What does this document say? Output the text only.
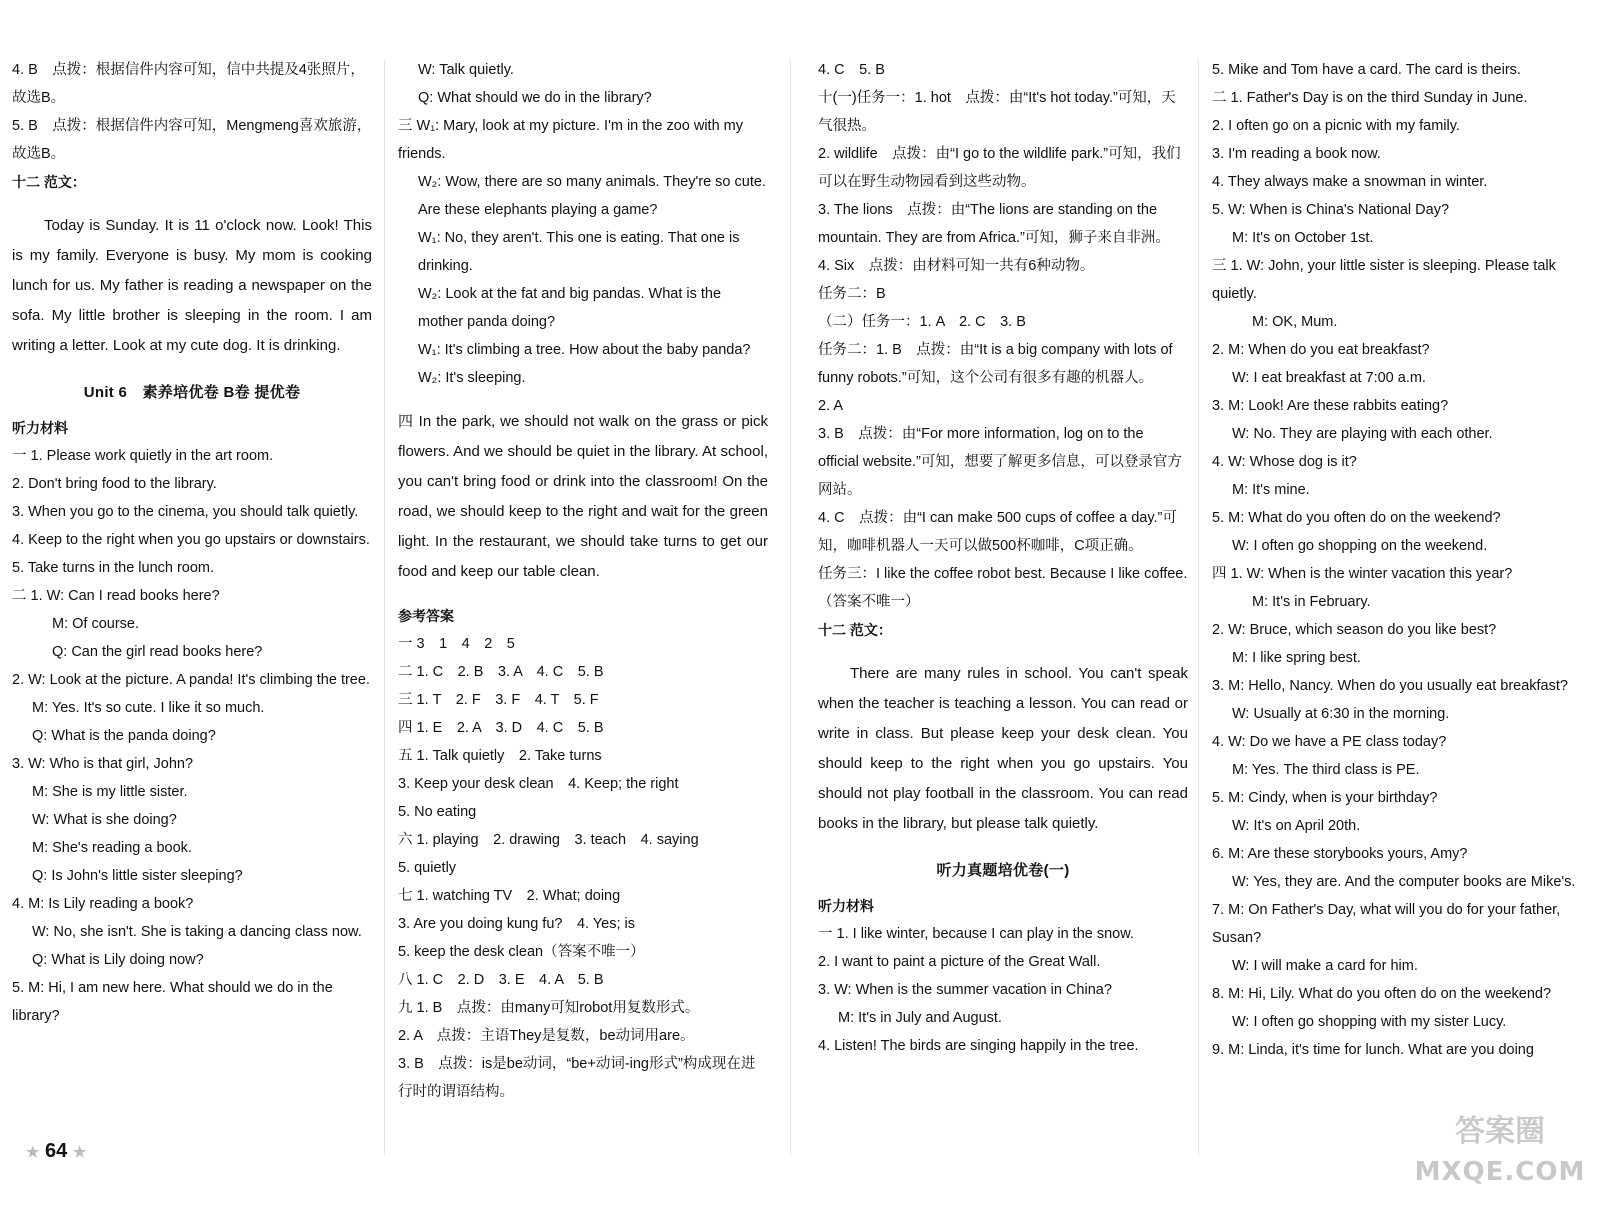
4. B　点拨：根据信件内容可知，信中共提及4张照片，故选B。

5. B　点拨：根据信件内容可知，Mengmeng喜欢旅游，故选B。

十二 范文：

Today is Sunday. It is 11 o'clock now. Look! This is my family. Everyone is busy. My mom is cooking lunch for us. My father is reading a newspaper on the sofa. My little brother is sleeping in the room. I am writing a letter. Look at my cute dog. It is drinking.

Unit 6　素养培优卷 B卷 提优卷

听力材料

一 1. Please work quietly in the art room.

2. Don't bring food to the library.

3. When you go to the cinema, you should talk quietly.

4. Keep to the right when you go upstairs or downstairs.

5. Take turns in the lunch room.

二 1. W: Can I read books here?

M: Of course.

Q: Can the girl read books here?

2. W: Look at the picture. A panda! It's climbing the tree.

M: Yes. It's so cute. I like it so much.

Q: What is the panda doing?

3. W: Who is that girl, John?

M: She is my little sister.

W: What is she doing?

M: She's reading a book.

Q: Is John's little sister sleeping?

4. M: Is Lily reading a book?

W: No, she isn't. She is taking a dancing class now.

Q: What is Lily doing now?

5. M: Hi, I am new here. What should we do in the library?

W: Talk quietly.

Q: What should we do in the library?

三 W₁: Mary, look at my picture. I'm in the zoo with my friends.

W₂: Wow, there are so many animals. They're so cute. Are these elephants playing a game?

W₁: No, they aren't. This one is eating. That one is drinking.

W₂: Look at the fat and big pandas. What is the mother panda doing?

W₁: It's climbing a tree. How about the baby panda?

W₂: It's sleeping.

四 In the park, we should not walk on the grass or pick flowers. And we should be quiet in the library. At school, you can't bring food or drink into the classroom! On the road, we should keep to the right and wait for the green light. In the restaurant, we should take turns to get our food and keep our table clean.

参考答案

一 3　1　4　2　5

二 1. C　2. B　3. A　4. C　5. B

三 1. T　2. F　3. F　4. T　5. F

四 1. E　2. A　3. D　4. C　5. B

五 1. Talk quietly　2. Take turns

3. Keep your desk clean　4. Keep; the right

5. No eating

六 1. playing　2. drawing　3. teach　4. saying

5. quietly

七 1. watching TV　2. What; doing

3. Are you doing kung fu?　4. Yes; is

5. keep the desk clean（答案不唯一）

八 1. C　2. D　3. E　4. A　5. B

九 1. B　点拨：由many可知robot用复数形式。

2. A　点拨：主语They是复数，be动词用are。

3. B　点拨：is是be动词，“be+动词-ing形式”构成现在进行时的谓语结构。

4. C　5. B

十(一)任务一：1. hot　点拨：由“It's hot today.”可知，天气很热。

2. wildlife　点拨：由“I go to the wildlife park.”可知，我们可以在野生动物园看到这些动物。

3. The lions　点拨：由“The lions are standing on the mountain. They are from Africa.”可知，狮子来自非洲。

4. Six　点拨：由材料可知一共有6种动物。

任务二：B

（二）任务一：1. A　2. C　3. B

任务二：1. B　点拨：由“It is a big company with lots of funny robots.”可知，这个公司有很多有趣的机器人。

2. A

3. B　点拨：由“For more information, log on to the official website.”可知，想要了解更多信息，可以登录官方网站。

4. C　点拨：由“I can make 500 cups of coffee a day.”可知，咖啡机器人一天可以做500杯咖啡，C项正确。

任务三：I like the coffee robot best. Because I like coffee.（答案不唯一）

十二 范文：

There are many rules in school. You can't speak when the teacher is teaching a lesson. You can read or write in class. But please keep your desk clean. You should keep to the right when you go upstairs. You should not play football in the classroom. You can read books in the library, but please talk quietly.

听力真题培优卷(一)

听力材料

一 1. I like winter, because I can play in the snow.

2. I want to paint a picture of the Great Wall.

3. W: When is the summer vacation in China?

M: It's in July and August.

4. Listen! The birds are singing happily in the tree.

5. Mike and Tom have a card. The card is theirs.

二 1. Father's Day is on the third Sunday in June.

2. I often go on a picnic with my family.

3. I'm reading a book now.

4. They always make a snowman in winter.

5. W: When is China's National Day?

M: It's on October 1st.

三 1. W: John, your little sister is sleeping. Please talk quietly.

M: OK, Mum.

2. M: When do you eat breakfast?

W: I eat breakfast at 7:00 a.m.

3. M: Look! Are these rabbits eating?

W: No. They are playing with each other.

4. W: Whose dog is it?

M: It's mine.

5. M: What do you often do on the weekend?

W: I often go shopping on the weekend.

四 1. W: When is the winter vacation this year?

M: It's in February.

2. W: Bruce, which season do you like best?

M: I like spring best.

3. M: Hello, Nancy. When do you usually eat breakfast?

W: Usually at 6:30 in the morning.

4. W: Do we have a PE class today?

M: Yes. The third class is PE.

5. M: Cindy, when is your birthday?

W: It's on April 20th.

6. M: Are these storybooks yours, Amy?

W: Yes, they are. And the computer books are Mike's.

7. M: On Father's Day, what will you do for your father, Susan?

W: I will make a card for him.

8. M: Hi, Lily. What do you often do on the weekend?

W: I often go shopping with my sister Lucy.

9. M: Linda, it's time for lunch. What are you doing

★ 64 ★
答案圈
MXQE.COM
